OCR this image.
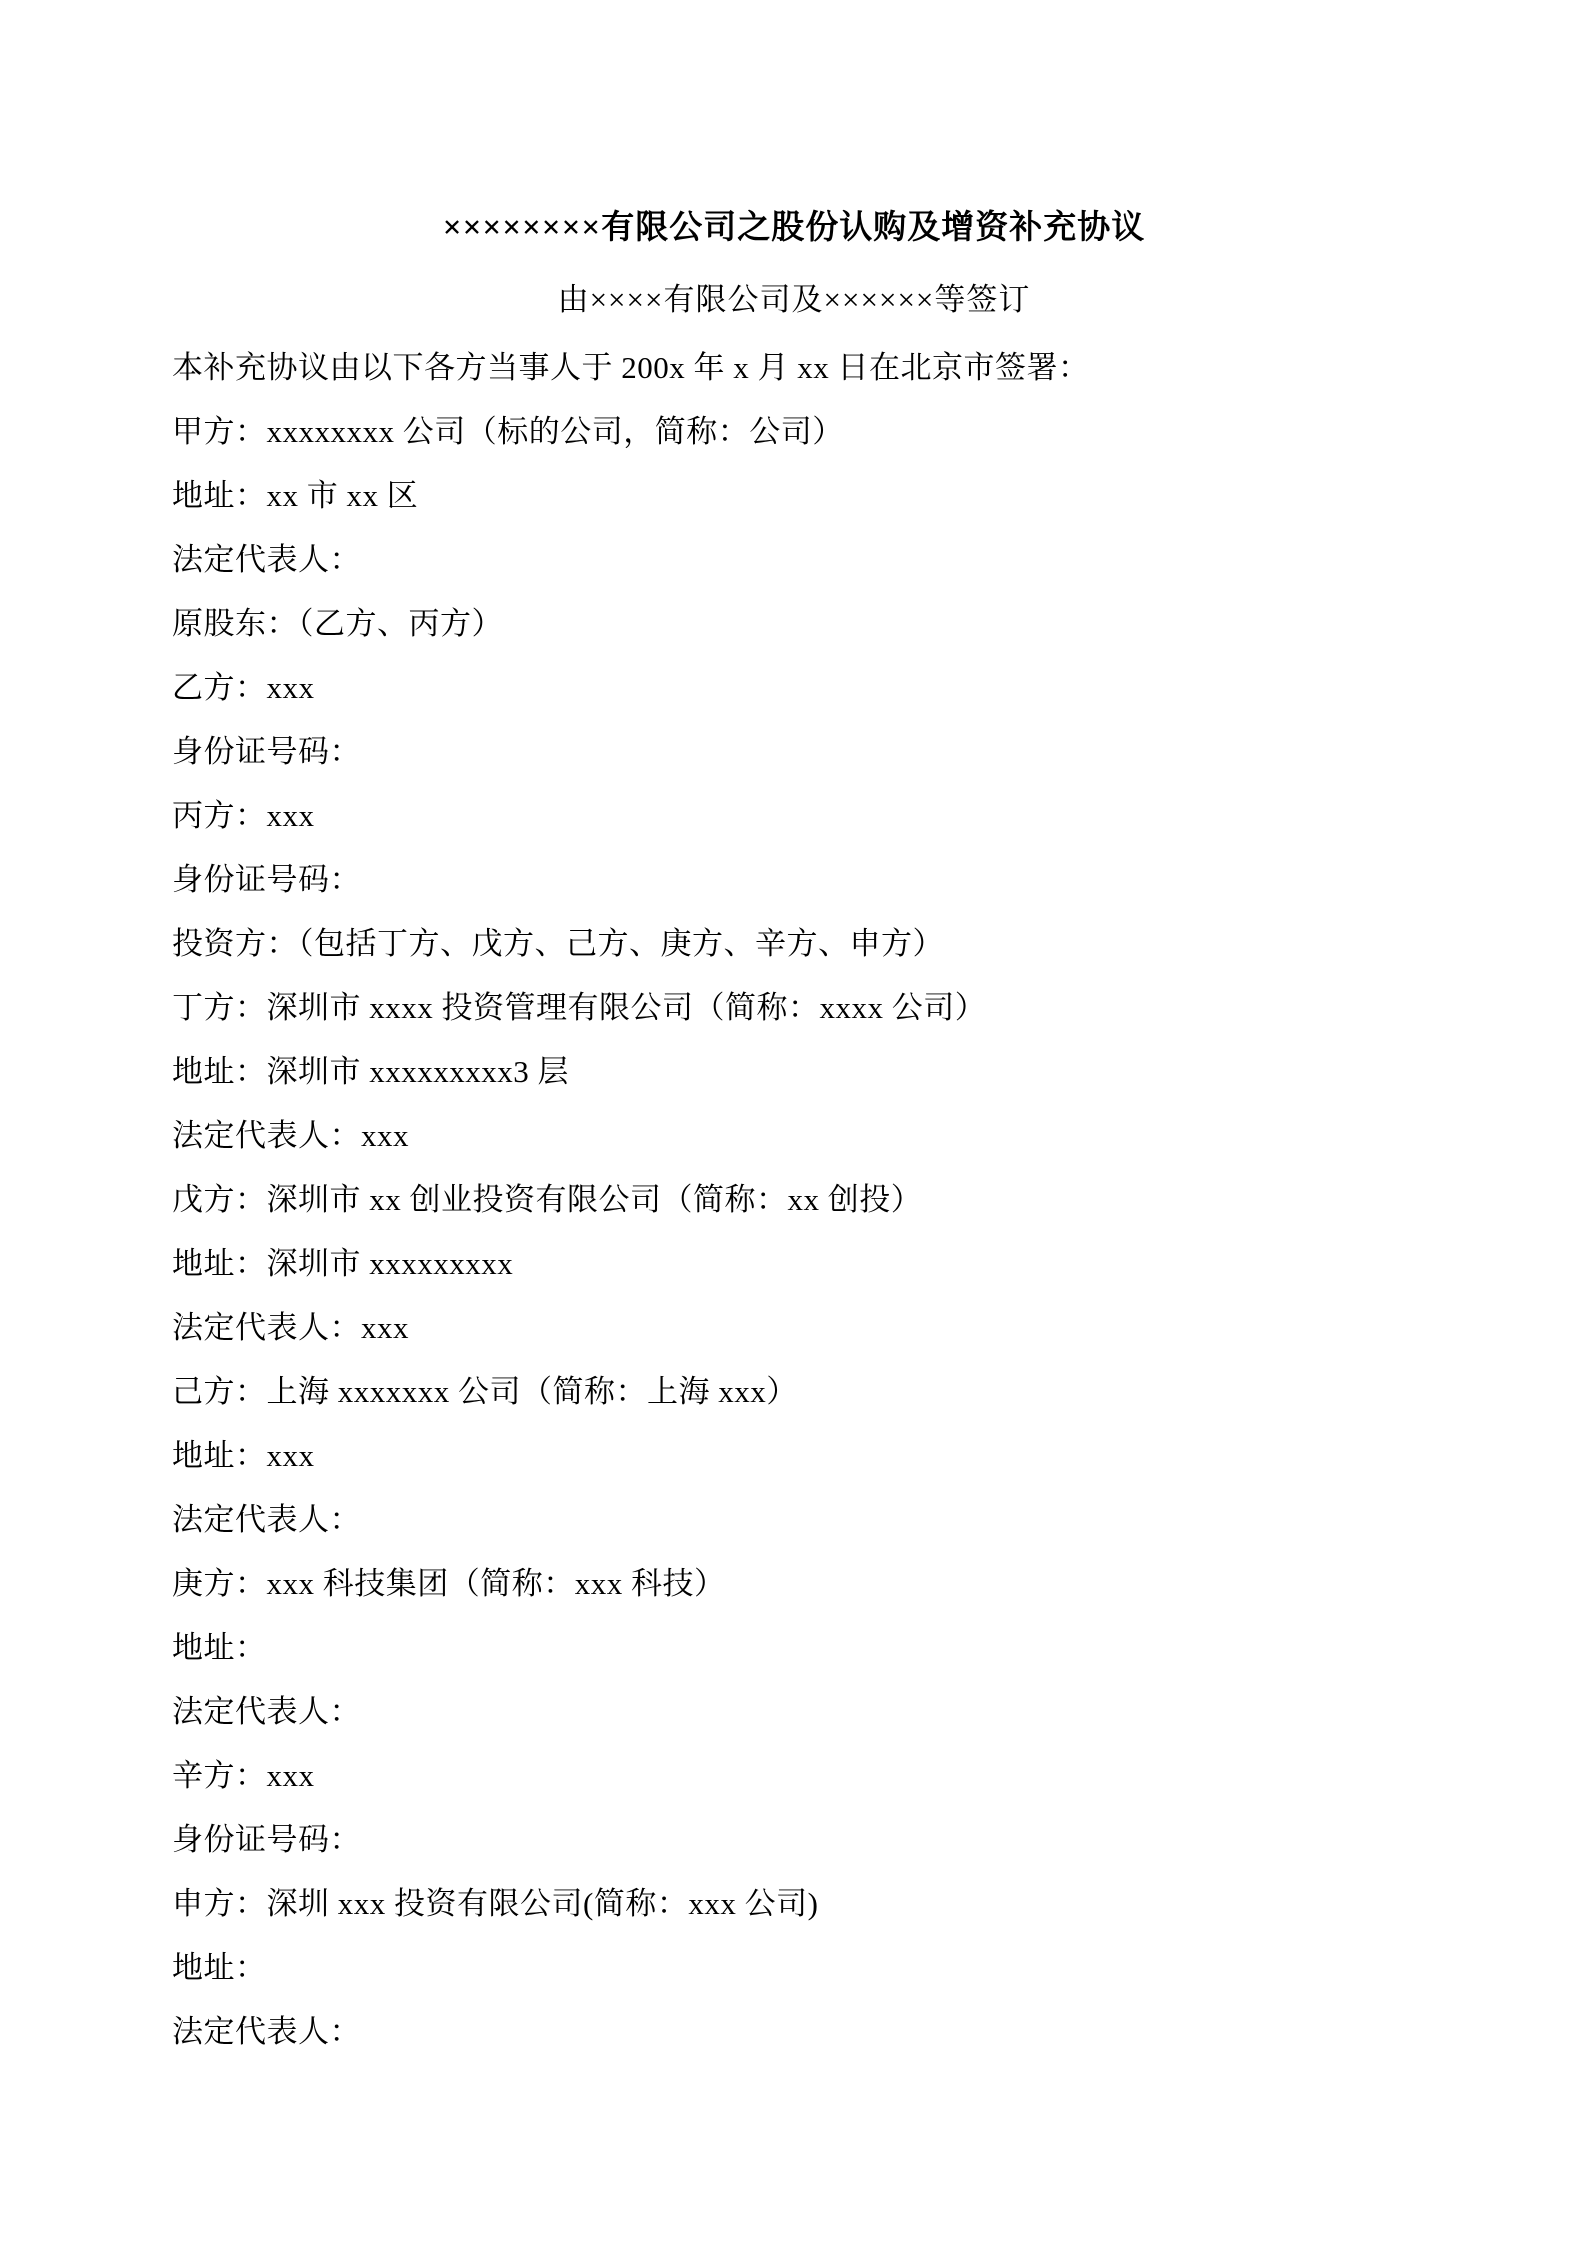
××××××××有限公司之股份认购及增资补充协议
由××××有限公司及××××××等签订

本补充协议由以下各方当事人于 200x 年 x 月 xx 日在北京市签署：

甲方：xxxxxxxx 公司（标的公司，简称：公司）

地址：xx 市 xx 区

法定代表人：

原股东：（乙方、丙方）

乙方：xxx

身份证号码：

丙方：xxx

身份证号码：

投资方：（包括丁方、戊方、己方、庚方、辛方、申方）

丁方：深圳市 xxxx 投资管理有限公司（简称：xxxx 公司）

地址：深圳市 xxxxxxxxx3 层

法定代表人：xxx

戊方：深圳市 xx 创业投资有限公司（简称：xx 创投）

地址：深圳市 xxxxxxxxx

法定代表人：xxx

己方：上海 xxxxxxx 公司（简称：上海 xxx）

地址：xxx

法定代表人：

庚方：xxx 科技集团（简称：xxx 科技）

地址：

法定代表人：

辛方：xxx

身份证号码：

申方：深圳 xxx 投资有限公司(简称：xxx 公司)

地址：

法定代表人：
